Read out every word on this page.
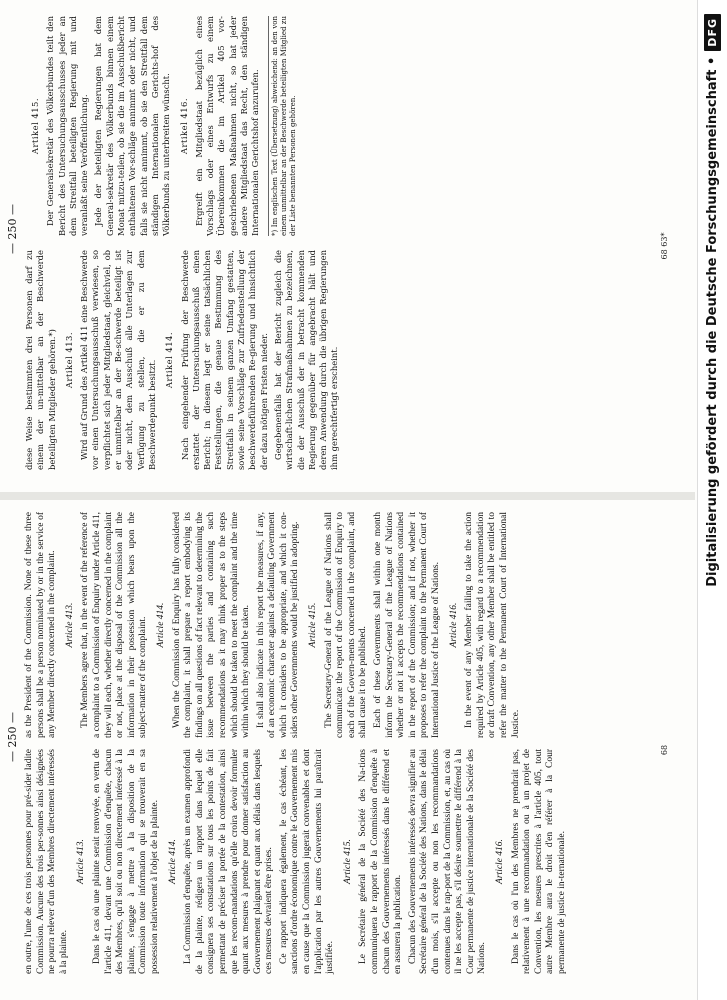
— 250 —

en outre, l'une de ces trois personnes pour pré-sider ladite Commission. Aucune des trois per-sonnes ainsi désignées ne pourra relever d'un des Membres directement intéressés à la plainte.

Article 413. Dans le cas où une plainte serait renvoyée, en vertu de l'article 411, devant une Commission d'enquête, chacun des Membres, qu'il soit ou non directement intéressé à la plainte, s'engage à mettre à la disposition de la Commission toute information qui se trouverait en sa possession relativement à l'objet de la plainte. Article 414. La Commission d'enquête, après un examen approfondi de la plainte, rédigera un rapport dans lequel elle consignera ses constatations sur tous les points de fait permettant de préciser la portée de la contestation, ainsi que les recom-mandations qu'elle croira devoir formuler quant aux mesures à prendre pour donner satisfaction au Gouvernement plaignant et quant aux délais dans lesquels ces mesures devraient être prises. Ce rapport indiquera également, le cas échéant, les sanctions d'ordre économique contre le Gouvernement mis en cause que la Commission jugerait convenables et dont l'application par les autres Gouvernements lui paraîtrait justifiée.

Article 415. Le Secrétaire général de la Société des Na-tions communiquera le rapport de la Commission d'enquête à chacun des Gouvernements intéressés dans le différend et en assurera la publication. Chacun des Gouvernements intéressés devra signifier au Secrétaire général de la Société des Nations, dans le délai d'un mois, s'il accepte ou non les recommandations contenues dans le rap-port de la Commission, et, au cas où il ne les accepte pas, s'il désire soumettre le différend à la Cour permanente de justice internationale de la Société des Nations.

Article 416. Dans le cas où l'un des Membres ne prendrait pas, relativement à une recommandation ou à un projet de Convention, les mesures prescrites à l'article 405, tout autre Membre aura le droit d'en référer à la Cour permanente de justice in-ternationale.

as the President of the Commission. None of these three persons shall be a person nominated by or in the service of any Member directly concerned in the complaint. Article 413. The Members agree that, in the event of the reference of a complaint to a Commission of Enquiry under Article 411, they will each, whether directly concerned in the complaint or not, place at the disposal of the Commission all the information in their possession which bears upon the subject-matter of the complaint. Article 414. When the Commission of Enquiry has fully considered the complaint, it shall prepare a report embodying its findings on all questions of fact relevant to determining the issue between the parties and containing such recommendations as it may think proper as to the steps which should be taken to meet the complaint and the time within which they should be taken. It shall also indicate in this report the measures, if any, of an economic character against a defaulting Government which it considers to be appropriate, and which it con-siders other Governments would be justified in adopting. Article 415. The Secretary-General of the League of Nations shall communicate the report of the Commission of Enquiry to each of the Govern-ments concerned in the complaint, and shall cause it to be published. Each of these Governments shall within one month inform the Secretary-General of the League of Nations whether or not it accepts the recommendations contained in the report of the Commission; and if not, whether it proposes to refer the complaint to the Permanent Court of International Justice of the League of Nations. Article 416. In the event of any Member failing to take the action required by Article 405, with regard to a recommendation or draft Convention, any other Member shall be entitled to refer the matter to the Permanent Court of International Justice.

68
— 250 —

diese Weise bestimmten drei Personen darf zu einem der un-mittelbar an der Beschwerde beteiligten Mitglieder gehören.*) Artikel 413. Wird auf Grund des Artikel 411 eine Beschwerde vor einen Untersuchungsausschuß verwiesen, so verpflichtet sich jeder Mitgliedstaat, gleichviel, ob er unmittelbar an der Be-schwerde beteiligt ist oder nicht, dem Ausschuß alle Unterlagen zur Verfügung zu stellen, die er zu dem Beschwerdepunkt besitzt. Artikel 414. Nach eingehender Prüfung der Beschwerde erstattet der Untersuchungsausschuß einen Bericht; in diesem legt er seine tatsächlichen Feststellungen, die genaue Bestimmung des Streitfalls in seinem ganzen Umfang gestatten, sowie seine Vorschläge zur Zufriedenstellung der beschwerdeführenden Re-gierung und hinsichtlich der dazu nötigen Fristen nieder. Gegebenenfalls hat der Bericht zugleich die wirtschaft-lichen Strafmaßnahmen zu bezeichnen, die der Ausschuß der in betracht kommenden Regierung gegenüber für angebracht hält und deren Anwendung durch die übrigen Regierungen ihm gerechtfertigt erscheint.

Artikel 415. Der Generalsekretär des Völkerbundes teilt den Bericht des Untersuchungsausschusses jeder an dem Streitfall beteiligten Regierung mit und veranlaßt seine Veröffentlichung. Jede der beteiligten Regierungen hat dem General-sekretär des Völkerbunds binnen einem Monat mitzu-teilen, ob sie die im Ausschußbericht enthaltenen Vor-schläge annimmt oder nicht, und falls sie nicht annimmt, ob sie den Streitfall dem ständigen Internationalen Gerichts-hof des Völkerbunds zu unterbreiten wünscht. Artikel 416. Ergreift ein Mitgliedstaat bezüglich eines Vorschlags oder eines Entwurfs zu einem Übereinkommen die im Artikel 405 vor-geschriebenen Maßnahmen nicht, so hat jeder andere Mitgliedstaat das Recht, den ständigen Internationalen Gerichtshof anzurufen.	*) Im englischen Text (Übersetzung) abweichend: an den von einem unmittelbar an der Beschwerde beteiligten Mitglied zu der Liste benannten Personen gehören.
68 63*	Digitalisierung gefördert durch die Deutsche Forschungsgemeinschaft •
DFG
